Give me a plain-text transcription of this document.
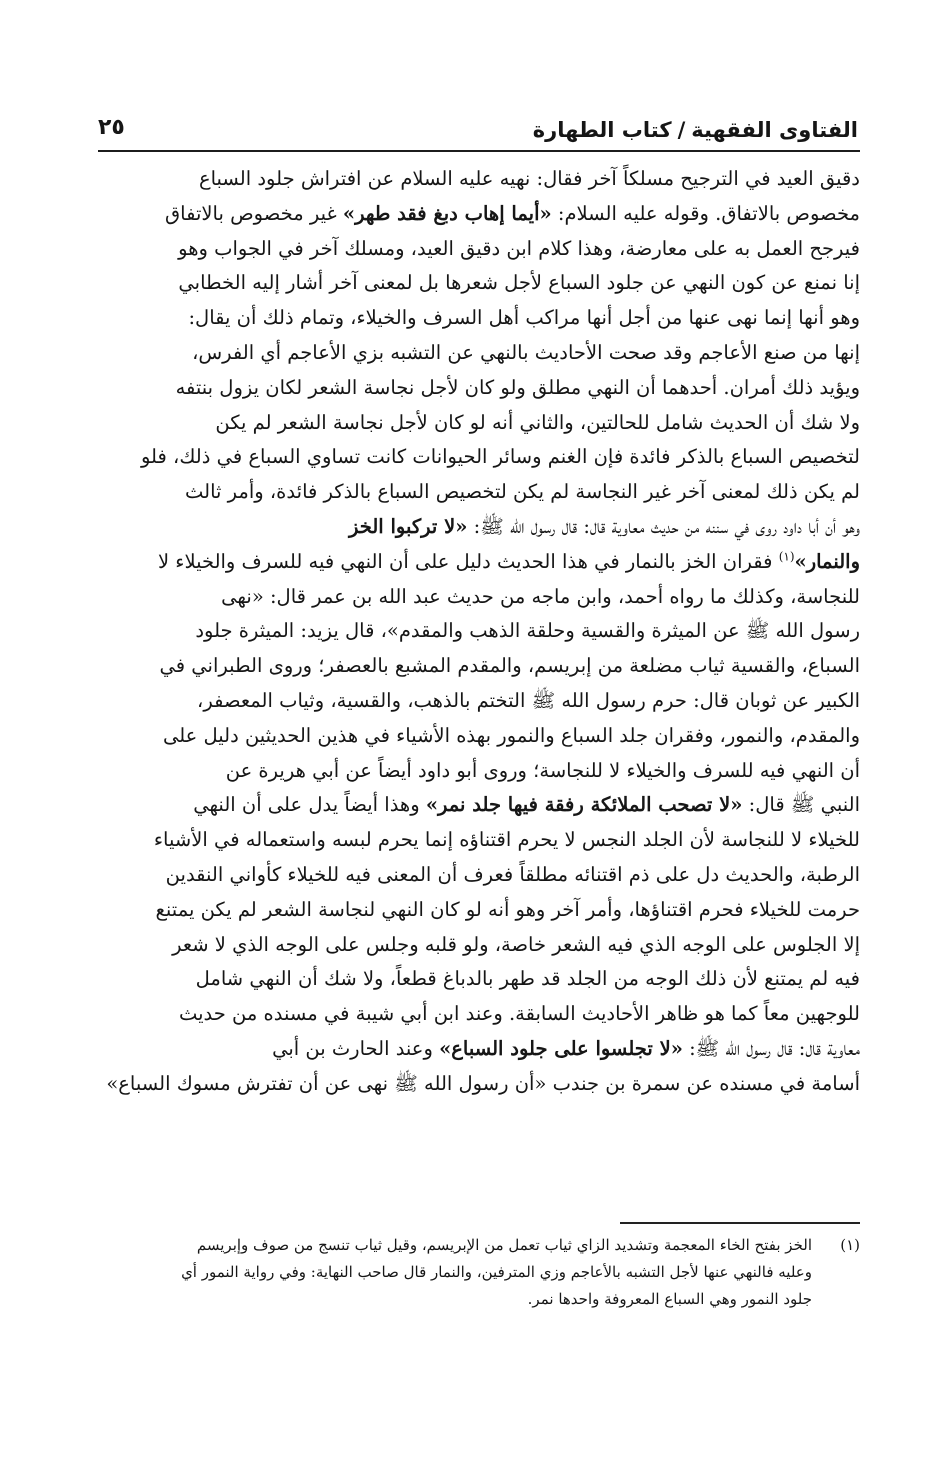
الفتاوى الفقهية/كتاب الطهارة
٢٥
دقيق العيد في الترجيح مسلكاً آخر فقال: نهيه عليه السلام عن افتراش جلود السباع
مخصوص بالاتفاق. وقوله عليه السلام: «أيما إهاب دبغ فقد طهر» غير مخصوص بالاتفاق
فيرجح العمل به على معارضة، وهذا كلام ابن دقيق العيد، ومسلك آخر في الجواب وهو
إنا نمنع عن كون النهي عن جلود السباع لأجل شعرها بل لمعنى آخر أشار إليه الخطابي
وهو أنها إنما نهى عنها من أجل أنها مراكب أهل السرف والخيلاء، وتمام ذلك أن يقال:
إنها من صنع الأعاجم وقد صحت الأحاديث بالنهي عن التشبه بزي الأعاجم أي الفرس،
ويؤيد ذلك أمران. أحدهما أن النهي مطلق ولو كان لأجل نجاسة الشعر لكان يزول بنتفه
ولا شك أن الحديث شامل للحالتين، والثاني أنه لو كان لأجل نجاسة الشعر لم يكن
لتخصيص السباع بالذكر فائدة فإن الغنم وسائر الحيوانات كانت تساوي السباع في ذلك، فلو
لم يكن ذلك لمعنى آخر غير النجاسة لم يكن لتخصيص السباع بالذكر فائدة، وأمر ثالث
وهو أن أبا داود روى في سننه من حديث معاوية قال: قال رسول الله ﷺ: «لا تركبوا الخز
والنمار»$^{(١)}$ فقران الخز بالنمار في هذا الحديث دليل على أن النهي فيه للسرف والخيلاء لا
للنجاسة، وكذلك ما رواه أحمد، وابن ماجه من حديث عبد الله بن عمر قال: «نهى
رسول الله ﷺ عن الميثرة والقسية وحلقة الذهب والمقدم»، قال يزيد: الميثرة جلود
السباع، والقسية ثياب مضلعة من إبريسم، والمقدم المشبع بالعصفر؛ وروى الطبراني في
الكبير عن ثوبان قال: حرم رسول الله ﷺ التختم بالذهب، والقسية، وثياب المعصفر،
والمقدم، والنمور، وفقران جلد السباع والنمور بهذه الأشياء في هذين الحديثين دليل على
أن النهي فيه للسرف والخيلاء لا للنجاسة؛ وروى أبو داود أيضاً عن أبي هريرة عن
النبي ﷺ قال: «لا تصحب الملائكة رفقة فيها جلد نمر» وهذا أيضاً يدل على أن النهي
للخيلاء لا للنجاسة لأن الجلد النجس لا يحرم اقتناؤه إنما يحرم لبسه واستعماله في الأشياء
الرطبة، والحديث دل على ذم اقتنائه مطلقاً فعرف أن المعنى فيه للخيلاء كأواني النقدين
حرمت للخيلاء فحرم اقتناؤها، وأمر آخر وهو أنه لو كان النهي لنجاسة الشعر لم يكن يمتنع
إلا الجلوس على الوجه الذي فيه الشعر خاصة، ولو قلبه وجلس على الوجه الذي لا شعر
فيه لم يمتنع لأن ذلك الوجه من الجلد قد طهر بالدباغ قطعاً، ولا شك أن النهي شامل
للوجهين معاً كما هو ظاهر الأحاديث السابقة. وعند ابن أبي شيبة في مسنده من حديث
معاوية قال: قال رسول الله ﷺ: «لا تجلسوا على جلود السباع» وعند الحارث بن أبي
أسامة في مسنده عن سمرة بن جندب «أن رسول الله ﷺ نهى عن أن تفترش مسوك السباع»
(١)الخز بفتح الخاء المعجمة وتشديد الزاي ثياب تعمل من الإبريسم، وقيل ثياب تنسج من صوف وإبريسم
وعليه فالنهي عنها لأجل التشبه بالأعاجم وزي المترفين، والنمار قال صاحب النهاية: وفي رواية النمور أي
جلود النمور وهي السباع المعروفة واحدها نمر.
